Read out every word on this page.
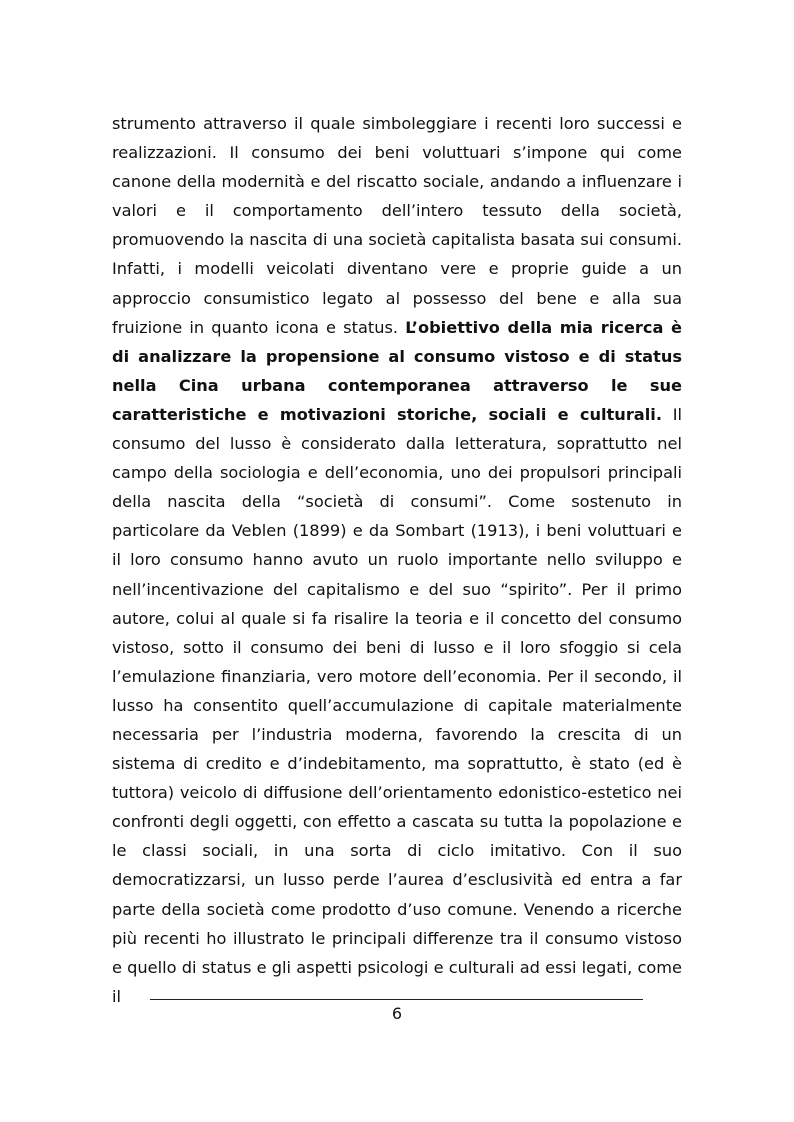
strumento attraverso il quale simboleggiare i recenti loro successi e realizzazioni. Il consumo dei beni voluttuari s’impone qui come canone della modernità e del riscatto sociale, andando a influenzare i valori e il comportamento dell’intero tessuto della società, promuovendo la nascita di una società capitalista basata sui consumi. Infatti, i modelli veicolati diventano vere e proprie guide a un approccio consumistico legato al possesso del bene e alla sua fruizione in quanto icona e status. L’obiettivo della mia ricerca è di analizzare la propensione al consumo vistoso e di status nella Cina urbana contemporanea attraverso le sue caratteristiche e motivazioni storiche, sociali e culturali. Il consumo del lusso è considerato dalla letteratura, soprattutto nel campo della sociologia e dell’economia, uno dei propulsori principali della nascita della “società di consumi”. Come sostenuto in particolare da Veblen (1899) e da Sombart (1913), i beni voluttuari e il loro consumo hanno avuto un ruolo importante nello sviluppo e nell’incentivazione del capitalismo e del suo “spirito”. Per il primo autore, colui al quale si fa risalire la teoria e il concetto del consumo vistoso, sotto il consumo dei beni di lusso e il loro sfoggio si cela l’emulazione finanziaria, vero motore dell’economia. Per il secondo, il lusso ha consentito quell’accumulazione di capitale materialmente necessaria per l’industria moderna, favorendo la crescita di un sistema di credito e d’indebitamento, ma soprattutto, è stato (ed è tuttora) veicolo di diffusione dell’orientamento edonistico-estetico nei confronti degli oggetti, con effetto a cascata su tutta la popolazione e le classi sociali, in una sorta di ciclo imitativo. Con il suo democratizzarsi, un lusso perde l’aurea d’esclusività ed entra a far parte della società come prodotto d’uso comune. Venendo a ricerche più recenti ho illustrato le principali differenze tra il consumo vistoso e quello di status e gli aspetti psicologi e culturali ad essi legati, come il

6
